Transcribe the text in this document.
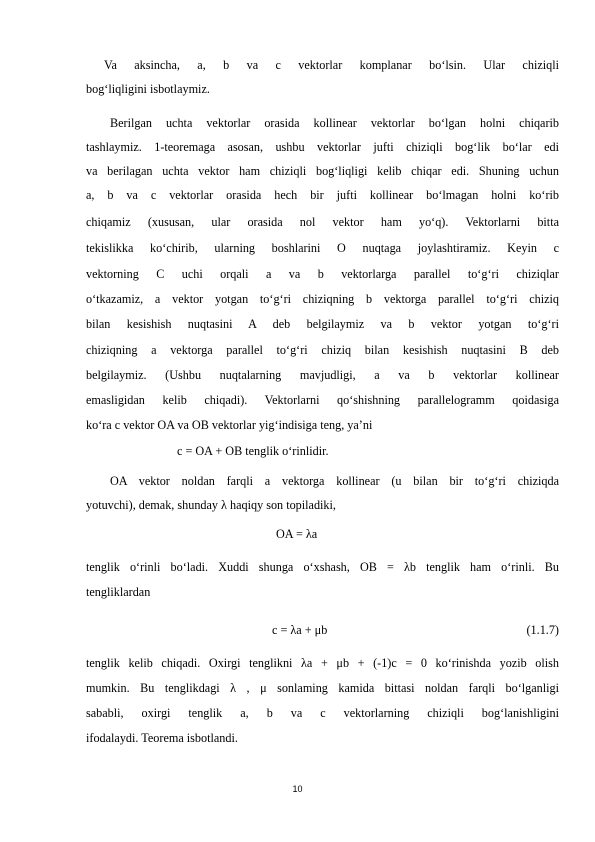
Va aksincha, a, b va c vektorlar komplanar bo‘lsin. Ular chiziqli
bog‘liqligini isbotlaymiz.
Berilgan uchta vektorlar orasida kollinear vektorlar bo‘lgan holni chiqarib
tashlaymiz. 1-teoremaga asosan, ushbu vektorlar jufti chiziqli bog‘lik bo‘lar edi
va berilagan uchta vektor ham chiziqli bog‘liqligi kelib chiqar edi. Shuning uchun
a, b va c vektorlar orasida hech bir jufti kollinear bo‘lmagan holni ko‘rib
chiqamiz (xususan, ular orasida nol vektor ham yo‘q). Vektorlarni bitta
tekislikka ko‘chirib, ularning boshlarini O nuqtaga joylashtiramiz. Keyin c
vektorning C uchi orqali a va b vektorlarga parallel to‘g‘ri chiziqlar
o‘tkazamiz, a vektor yotgan to‘g‘ri chiziqning b vektorga parallel to‘g‘ri chiziq
bilan kesishish nuqtasini A deb belgilaymiz va b vektor yotgan to‘g‘ri
chiziqning a vektorga parallel to‘g‘ri chiziq bilan kesishish nuqtasini B deb
belgilaymiz. (Ushbu nuqtalarning mavjudligi, a va b vektorlar kollinear
emasligidan kelib chiqadi). Vektorlarni qo‘shishning parallelogramm qoidasiga
ko‘ra c vektor OA va OB vektorlar yig‘indisiga teng, ya’ni
c = OA + OB tenglik o‘rinlidir.
OA vektor noldan farqli a vektorga kollinear (u bilan bir to‘g‘ri chiziqda
yotuvchi), demak, shunday λ haqiqy son topiladiki,
OA = λa
tenglik o‘rinli bo‘ladi. Xuddi shunga o‘xshash, OB = λb tenglik ham o‘rinli. Bu
tengliklardan
c = λa + μb	(1.1.7)
tenglik kelib chiqadi. Oxirgi tenglikni λa + μb + (-1)c = 0 ko‘rinishda yozib olish
mumkin. Bu tenglikdagi λ , μ sonlaming kamida bittasi noldan farqli bo‘lganligi
sababli, oxirgi tenglik a, b va c vektorlarning chiziqli bog‘lanishligini
ifodalaydi. Teorema isbotlandi.
10
